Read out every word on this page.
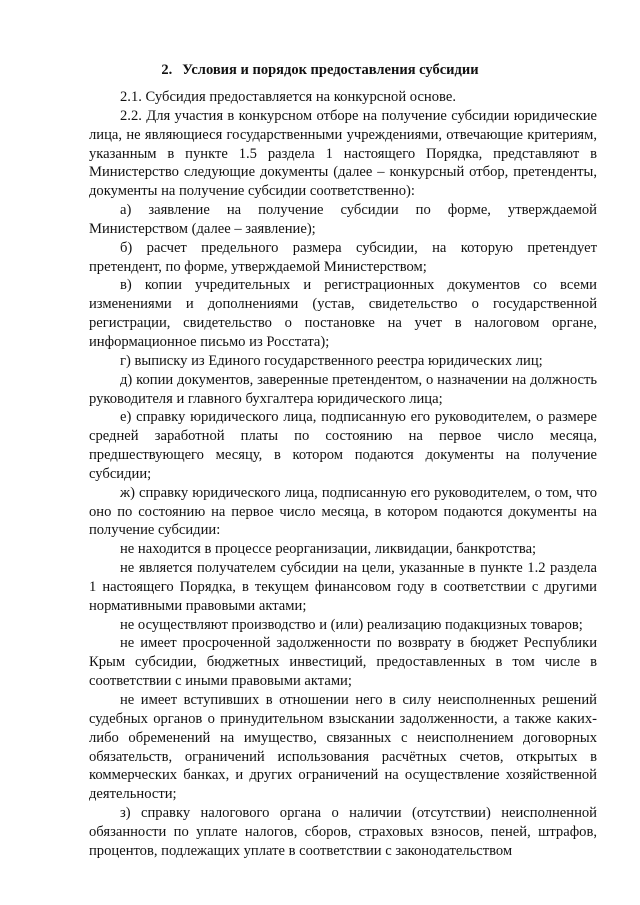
2. Условия и порядок предоставления субсидии

2.1. Субсидия предоставляется на конкурсной основе.

2.2. Для участия в конкурсном отборе на получение субсидии юридические лица, не являющиеся государственными учреждениями, отвечающие критериям, указанным в пункте 1.5 раздела 1 настоящего Порядка, представляют в Министерство следующие документы (далее – конкурсный отбор, претенденты, документы на получение субсидии соответственно):

а) заявление на получение субсидии по форме, утверждаемой Министерством (далее – заявление);

б) расчет предельного размера субсидии, на которую претендует претендент, по форме, утверждаемой Министерством;

в) копии учредительных и регистрационных документов со всеми изменениями и дополнениями (устав, свидетельство о государственной регистрации, свидетельство о постановке на учет в налоговом органе, информационное письмо из Росстата);

г) выписку из Единого государственного реестра юридических лиц;

д) копии документов, заверенные претендентом, о назначении на должность руководителя и главного бухгалтера юридического лица;

е) справку юридического лица, подписанную его руководителем, о размере средней заработной платы по состоянию на первое число месяца, предшествующего месяцу, в котором подаются документы на получение субсидии;

ж) справку юридического лица, подписанную его руководителем, о том, что оно по состоянию на первое число месяца, в котором подаются документы на получение субсидии:

не находится в процессе реорганизации, ликвидации, банкротства;

не является получателем субсидии на цели, указанные в пункте 1.2 раздела 1 настоящего Порядка, в текущем финансовом году в соответствии с другими нормативными правовыми актами;

не осуществляют производство и (или) реализацию подакцизных товаров;

не имеет просроченной задолженности по возврату в бюджет Республики Крым субсидии, бюджетных инвестиций, предоставленных в том числе в соответствии с иными правовыми актами;

не имеет вступивших в отношении него в силу неисполненных решений судебных органов о принудительном взыскании задолженности, а также каких-либо обременений на имущество, связанных с неисполнением договорных обязательств, ограничений использования расчётных счетов, открытых в коммерческих банках, и других ограничений на осуществление хозяйственной деятельности;

з) справку налогового органа о наличии (отсутствии) неисполненной обязанности по уплате налогов, сборов, страховых взносов, пеней, штрафов, процентов, подлежащих уплате в соответствии с законодательством
